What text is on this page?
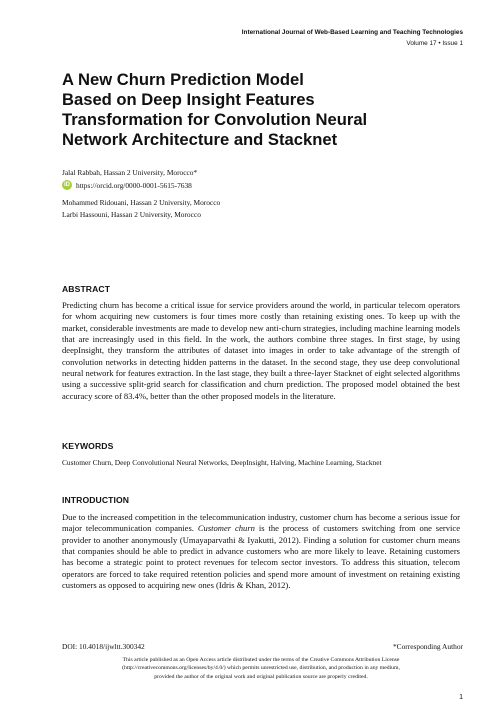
International Journal of Web-Based Learning and Teaching Technologies
Volume 17 • Issue 1
A New Churn Prediction Model
Based on Deep Insight Features
Transformation for Convolution Neural
Network Architecture and Stacknet
Jalal Rabbah, Hassan 2 University, Morocco*
iD https://orcid.org/0000-0001-5615-7638
Mohammed Ridouani, Hassan 2 University, Morocco
Larbi Hassouni, Hassan 2 University, Morocco
ABSTRACT

Predicting churn has become a critical issue for service providers around the world, in particular telecom operators for whom acquiring new customers is four times more costly than retaining existing ones. To keep up with the market, considerable investments are made to develop new anti-churn strategies, including machine learning models that are increasingly used in this field. In the work, the authors combine three stages. In first stage, by using deepInsight, they transform the attributes of dataset into images in order to take advantage of the strength of convolution networks in detecting hidden patterns in the dataset. In the second stage, they use deep convolutional neural network for features extraction. In the last stage, they built a three-layer Stacknet of eight selected algorithms using a successive split-grid search for classification and churn prediction. The proposed model obtained the best accuracy score of 83.4%, better than the other proposed models in the literature.

KEYWORDS
Customer Churn, Deep Convolutional Neural Networks, DeepInsight, Halving, Machine Learning, Stacknet
INTRODUCTION

Due to the increased competition in the telecommunication industry, customer churn has become a serious issue for major telecommunication companies. Customer churn is the process of customers switching from one service provider to another anonymously (Umayaparvathi & Iyakutti, 2012). Finding a solution for customer churn means that companies should be able to predict in advance customers who are more likely to leave. Retaining customers has become a strategic point to protect revenues for telecom sector investors. To address this situation, telecom operators are forced to take required retention policies and spend more amount of investment on retaining existing customers as opposed to acquiring new ones (Idris & Khan, 2012).

DOI: 10.4018/ijwltt.300342	*Corresponding Author
This article published as an Open Access article distributed under the terms of the Creative Commons Attribution License
(http://creativecommons.org/licenses/by/4.0/) which permits unrestricted use, distribution, and production in any medium,
provided the author of the original work and original publication source are properly credited.
1
